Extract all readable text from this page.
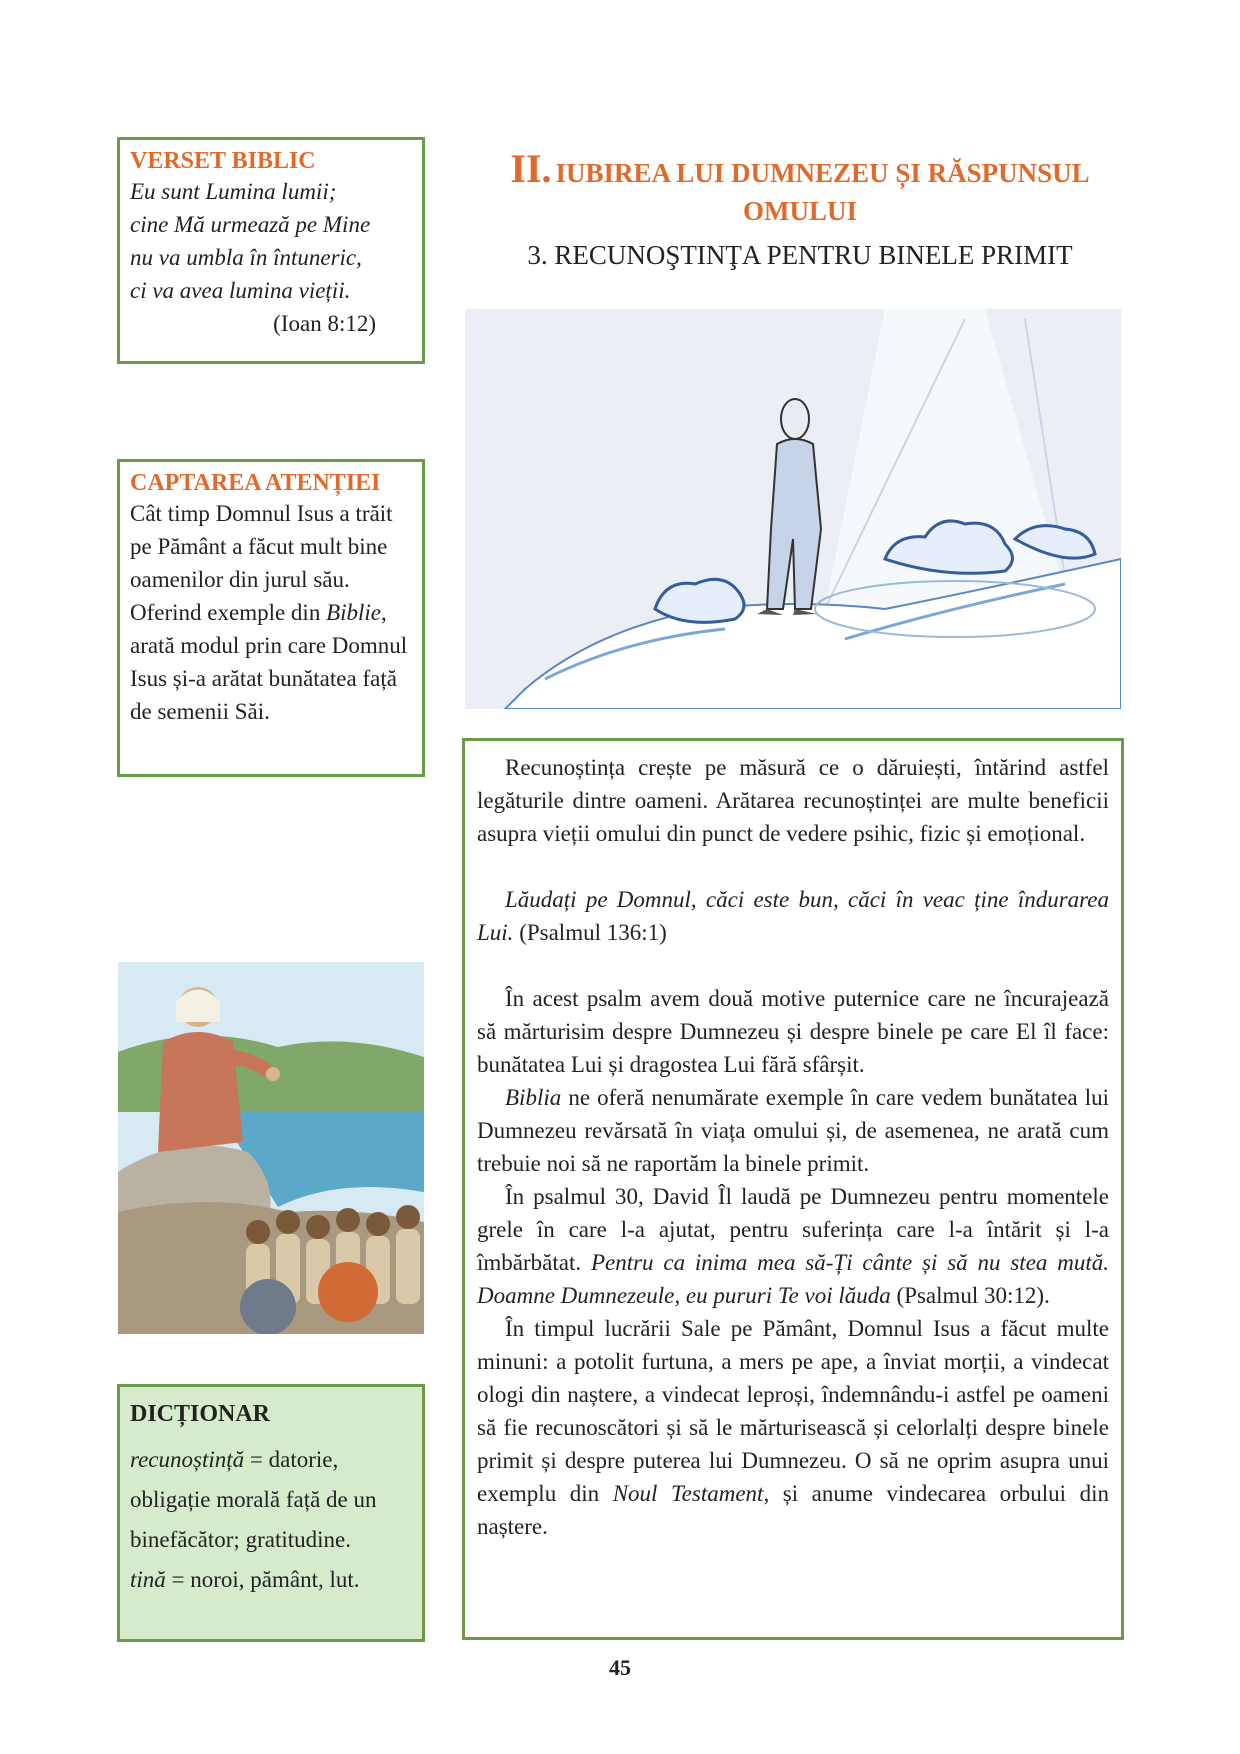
VERSET BIBLIC
Eu sunt Lumina lumii;
cine Mă urmează pe Mine
nu va umbla în întuneric,
ci va avea lumina vieții.
(Ioan 8:12)
II. IUBIREA LUI DUMNEZEU ȘI RĂSPUNSUL OMULUI
3. RECUNOŞTINŢA PENTRU BINELE PRIMIT
CAPTAREA ATENȚIEI
Cât timp Domnul Isus a trăit pe Pământ a făcut mult bine oamenilor din jurul său. Oferind exemple din Biblie, arată modul prin care Domnul Isus și-a arătat bunătatea față de semenii Săi.

Recunoștința crește pe măsură ce o dăruiești, întărind astfel legăturile dintre oameni. Arătarea recunoștinței are multe beneficii asupra vieții omului din punct de vedere psihic, fizic și emoțional.

Lăudați pe Domnul, căci este bun, căci în veac ține îndurarea Lui. (Psalmul 136:1)

În acest psalm avem două motive puternice care ne încurajează să mărturisim despre Dumnezeu și despre binele pe care El îl face: bunătatea Lui și dragostea Lui fără sfârșit.

Biblia ne oferă nenumărate exemple în care vedem bunătatea lui Dumnezeu revărsată în viața omului și, de asemenea, ne arată cum trebuie noi să ne raportăm la binele primit.

În psalmul 30, David Îl laudă pe Dumnezeu pentru momentele grele în care l-a ajutat, pentru suferința care l-a întărit și l-a îmbărbătat. Pentru ca inima mea să-Ți cânte și să nu stea mută. Doamne Dumnezeule, eu pururi Te voi lăuda (Psalmul 30:12).

În timpul lucrării Sale pe Pământ, Domnul Isus a făcut multe minuni: a potolit furtuna, a mers pe ape, a înviat morții, a vindecat ologi din naștere, a vindecat leproși, îndemnându-i astfel pe oameni să fie recunoscători și să le mărturisească și celorlalți despre binele primit și despre puterea lui Dumnezeu. O să ne oprim asupra unui exemplu din Noul Testament, și anume vindecarea orbului din naștere.

DICȚIONAR
recunoștință = datorie, obligație morală față de un binefăcător; gratitudine.
tină = noroi, pământ, lut.
45
